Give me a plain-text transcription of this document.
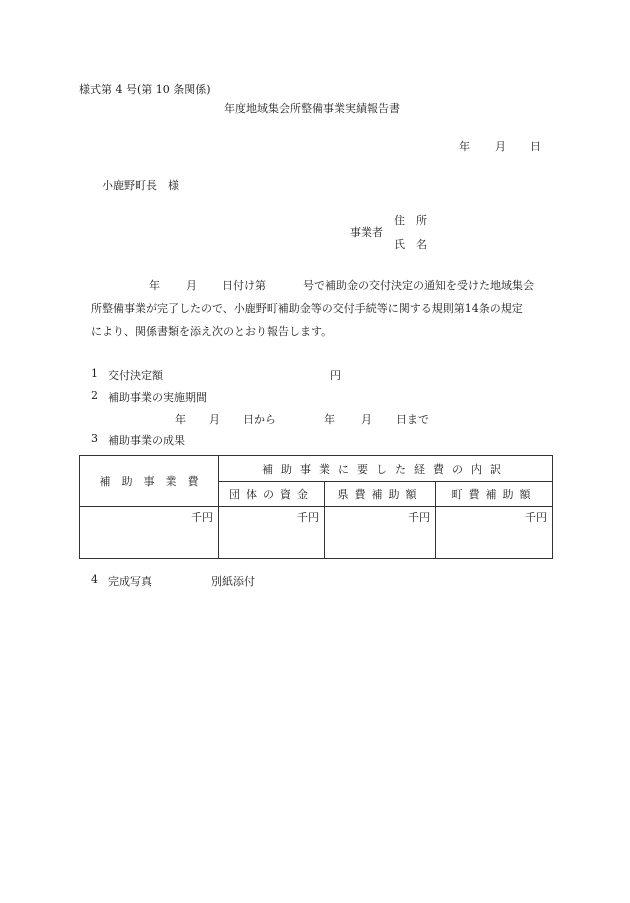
様式第 4 号(第 10 条関係)
年度地域集会所整備事業実績報告書
年 月 日
小鹿野町長　様
事業者
住　所
氏　名
年 月 日付け第	号で補助金の交付決定の通知を受けた地域集会
所整備事業が完了したので、小鹿野町補助金等の交付手続等に関する規則第14条の規定
により、関係書類を添え次のとおり報告します。
1 交付決定額	円
2 補助事業の実施期間
年 月 日から	年 月 日まで
3 補助事業の成果
補　助　事　業　費	補助事業に要した経費の内訳		
	団体の資金	県費補助額	町費補助額
千円	千円	千円	千円
4 完成写真	別紙添付
